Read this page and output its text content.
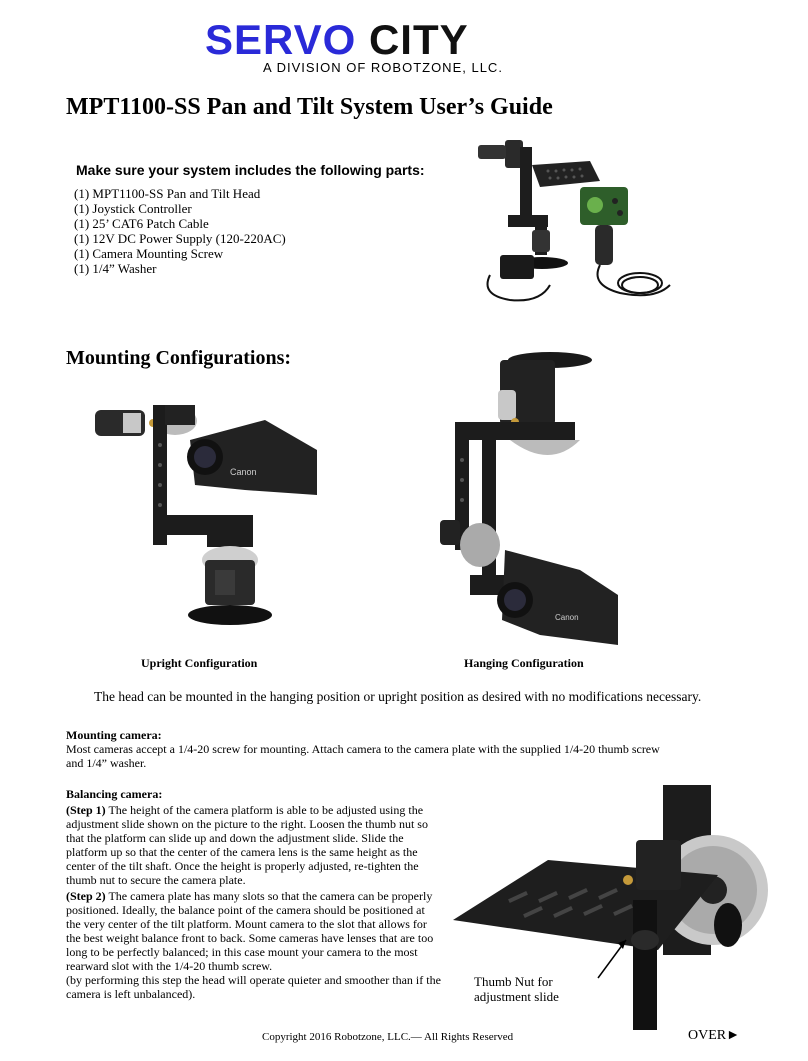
SERVO CITY
A DIVISION OF ROBOTZONE, LLC.
MPT1100-SS Pan and Tilt System User’s Guide
Make sure your system includes the following parts:
(1) MPT1100-SS Pan and Tilt Head
(1) Joystick Controller
(1) 25’ CAT6 Patch Cable
(1) 12V DC Power Supply (120-220AC)
(1) Camera Mounting Screw
(1) 1/4” Washer
Mounting Configurations:
Canon
Canon
Upright Configuration	Hanging Configuration
The head can be mounted in the hanging position or upright position as desired with no modifications necessary.
Mounting camera:
Most cameras accept a 1/4-20 screw for mounting. Attach camera to the camera plate with the supplied 1/4-20 thumb screw and 1/4” washer.
Balancing camera:
(Step 1) The height of the camera platform is able to be adjusted using the adjustment slide shown on the picture to the right. Loosen the thumb nut so that the platform can slide up and down the adjustment slide. Slide the platform up so that the center of the camera lens is the same height as the center of the tilt shaft. Once the height is properly adjusted, re-tighten the thumb nut to secure the camera plate.
(Step 2) The camera plate has many slots so that the camera can be properly positioned. Ideally, the balance point of the camera should be positioned at the very center of the tilt platform. Mount camera to the slot that allows for the best weight balance front to back. Some cameras have lenses that are too long to be perfectly balanced; in this case mount your camera to the most rearward slot with the 1/4-20 thumb screw.
(by performing this step the head will operate quieter and smoother than if the camera is left unbalanced).
Thumb Nut for
adjustment slide
Copyright 2016 Robotzone, LLC.— All Rights Reserved	OVER►
